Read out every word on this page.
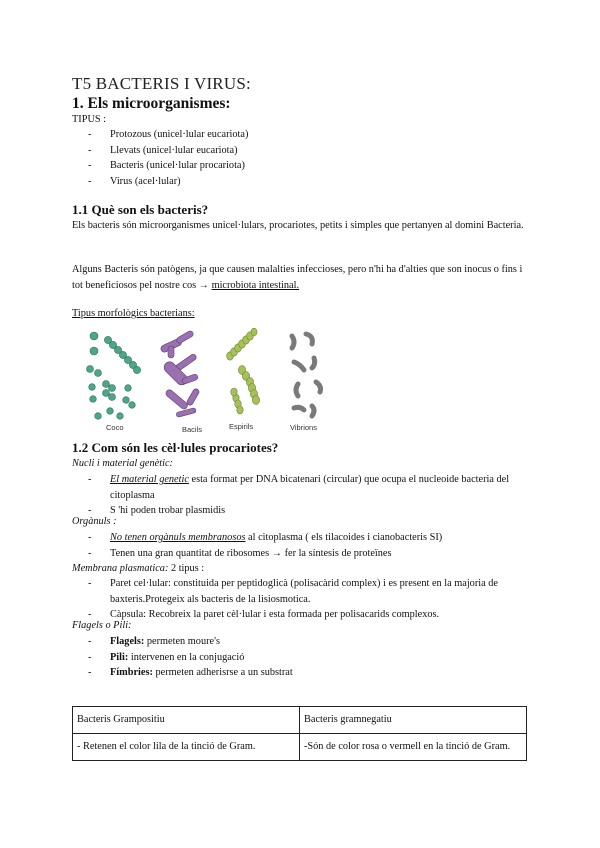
T5 BACTERIS I VIRUS:
1. Els microorganismes:
TIPUS :
- Protozous (unicel·lular eucariota)
- Llevats (unicel·lular eucariota)
- Bacteris (unicel·lular procariota)
- Virus (acel·lular)
1.1 Què son els bacteris?
Els bacteris són microorganismes unicel·lulars, procariotes, petits i simples que pertanyen al domini Bacteria.
Alguns Bacteris són patògens, ja que causen malalties infeccioses, pero n'hi ha d'alties que son inocus o fins i tot beneficiosos pel nostre cos → microbiota intestinal.
Tipus morfològics bacterians:
Coco	Bacils	Espirils	Vibrions
1.2 Com són les cèl·lules procariotes?
Nucli i material genètic:
- El material genetic esta format per DNA bicatenari (circular) que ocupa el nucleoide bacteria del citoplasma
- S 'hi poden trobar plasmidis
Orgànuls :
- No tenen orgànuls membranosos al citoplasma ( els tilacoides i cianobacteris SI)
- Tenen una gran quantitat de ribosomes → fer la síntesis de proteïnes
Membrana plasmatica: 2 tipus :
- Paret cel·lular: constituida per peptidoglicà (polisacàrid complex) i es present en la majoria de baxteris.Protegeix als bacteris de la lisiosmotica.
- Càpsula: Recobreix la paret cèl·lular i esta formada per polisacarids complexos.
Flagels o Pili:
- Flagels: permeten moure's
- Pili: intervenen en la conjugació
- Fímbries: permeten adherisrse a un substrat
Bacteris Grampositiu	Bacteris gramnegatiu
- Retenen el color lila de la tinció de Gram.	-Són de color rosa o vermell en la tinció de Gram.
